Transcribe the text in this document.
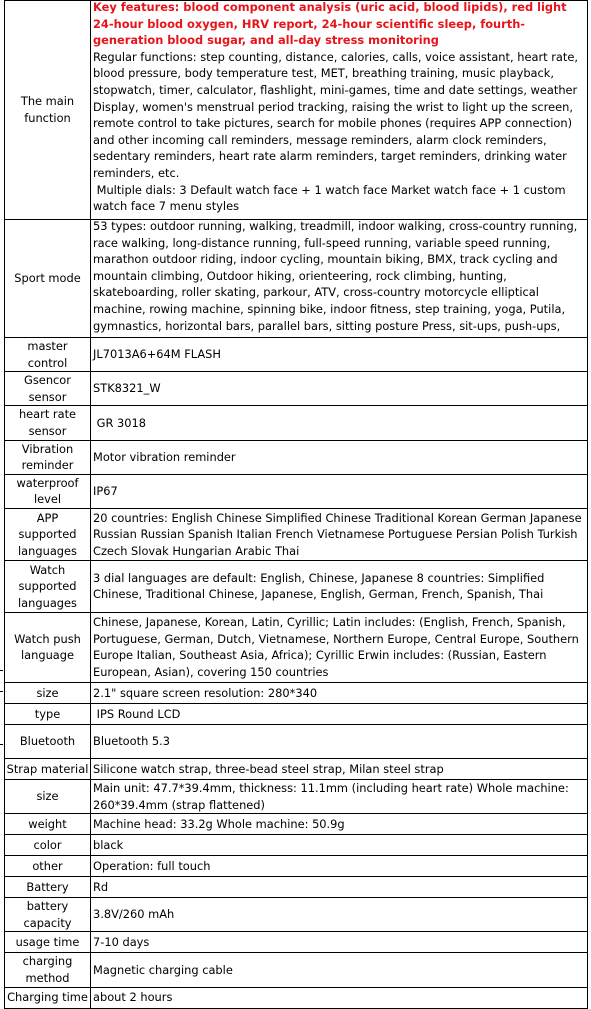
The main function	Key features: blood component analysis (uric acid, blood lipids), red light 24-hour blood oxygen, HRV report, 24-hour scientific sleep, fourth-generation blood sugar, and all-day stress monitoring
Regular functions: step counting, distance, calories, calls, voice assistant, heart rate, blood pressure, body temperature test, MET, breathing training, music playback, stopwatch, timer, calculator, flashlight, mini-games, time and date settings, weather Display, women's menstrual period tracking, raising the wrist to light up the screen, remote control to take pictures, search for mobile phones (requires APP connection) and other incoming call reminders, message reminders, alarm clock reminders, sedentary reminders, heart rate alarm reminders, target reminders, drinking water reminders, etc.
Multiple dials: 3 Default watch face + 1 watch face Market watch face + 1 custom watch face 7 menu styles

Sport mode	53 types: outdoor running, walking, treadmill, indoor walking, cross-country running, race walking, long-distance running, full-speed running, variable speed running, marathon outdoor riding, indoor cycling, mountain biking, BMX, track cycling and mountain climbing, Outdoor hiking, orienteering, rock climbing, hunting, skateboarding, roller skating, parkour, ATV, cross-country motorcycle elliptical machine, rowing machine, spinning bike, indoor fitness, step training, yoga, Putila, gymnastics, horizontal bars, parallel bars, sitting posture Press, sit-ups, push-ups,

master control	JL7013A6+64M FLASH
Gsencor sensor	STK8321_W
heart rate sensor	GR 3018
Vibration reminder	Motor vibration reminder
waterproof level	IP67
APP supported languages	20 countries: English Chinese Simplified Chinese Traditional Korean German Japanese Russian Russian Spanish Italian French Vietnamese Portuguese Persian Polish Turkish Czech Slovak Hungarian Arabic Thai
Watch supported languages	3 dial languages are default: English, Chinese, Japanese 8 countries: Simplified Chinese, Traditional Chinese, Japanese, English, German, French, Spanish, Thai
Watch push language	Chinese, Japanese, Korean, Latin, Cyrillic; Latin includes: (English, French, Spanish, Portuguese, German, Dutch, Vietnamese, Northern Europe, Central Europe, Southern Europe Italian, Southeast Asia, Africa); Cyrillic Erwin includes: (Russian, Eastern European, Asian), covering 150 countries
size	2.1" square screen resolution: 280*340
type	IPS Round LCD
Bluetooth	Bluetooth 5.3
Strap material	Silicone watch strap, three-bead steel strap, Milan steel strap
size	Main unit: 47.7*39.4mm, thickness: 11.1mm (including heart rate) Whole machine: 260*39.4mm (strap flattened)
weight	Machine head: 33.2g Whole machine: 50.9g
color	black
other	Operation: full touch
Battery	Rd
battery capacity	3.8V/260 mAh
usage time	7-10 days
charging method	Magnetic charging cable
Charging time	about 2 hours
